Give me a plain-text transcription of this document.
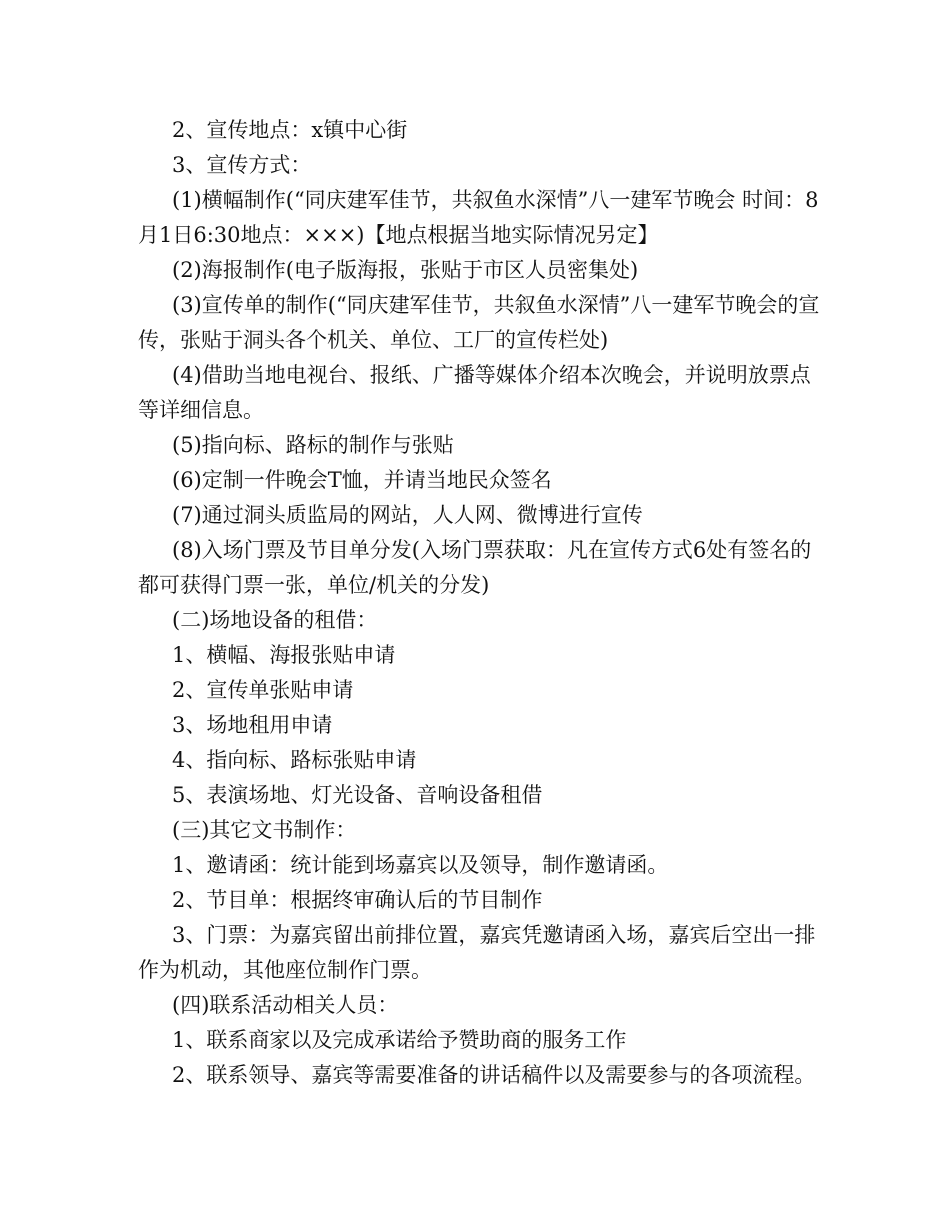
2、宣传地点：x镇中心街

3、宣传方式：

(1)横幅制作(“同庆建军佳节，共叙鱼水深情”八一建军节晚会 时间：8月1日6:30地点：×××)【地点根据当地实际情况另定】

(2)海报制作(电子版海报，张贴于市区人员密集处)

(3)宣传单的制作(“同庆建军佳节，共叙鱼水深情”八一建军节晚会的宣传，张贴于洞头各个机关、单位、工厂的宣传栏处)

(4)借助当地电视台、报纸、广播等媒体介绍本次晚会，并说明放票点等详细信息。

(5)指向标、路标的制作与张贴

(6)定制一件晚会T恤，并请当地民众签名

(7)通过洞头质监局的网站，人人网、微博进行宣传

(8)入场门票及节目单分发(入场门票获取：凡在宣传方式6处有签名的都可获得门票一张，单位/机关的分发)

(二)场地设备的租借：

1、横幅、海报张贴申请

2、宣传单张贴申请

3、场地租用申请

4、指向标、路标张贴申请

5、表演场地、灯光设备、音响设备租借

(三)其它文书制作：

1、邀请函：统计能到场嘉宾以及领导，制作邀请函。

2、节目单：根据终审确认后的节目制作

3、门票：为嘉宾留出前排位置，嘉宾凭邀请函入场，嘉宾后空出一排作为机动，其他座位制作门票。

(四)联系活动相关人员：

1、联系商家以及完成承诺给予赞助商的服务工作

2、联系领导、嘉宾等需要准备的讲话稿件以及需要参与的各项流程。
